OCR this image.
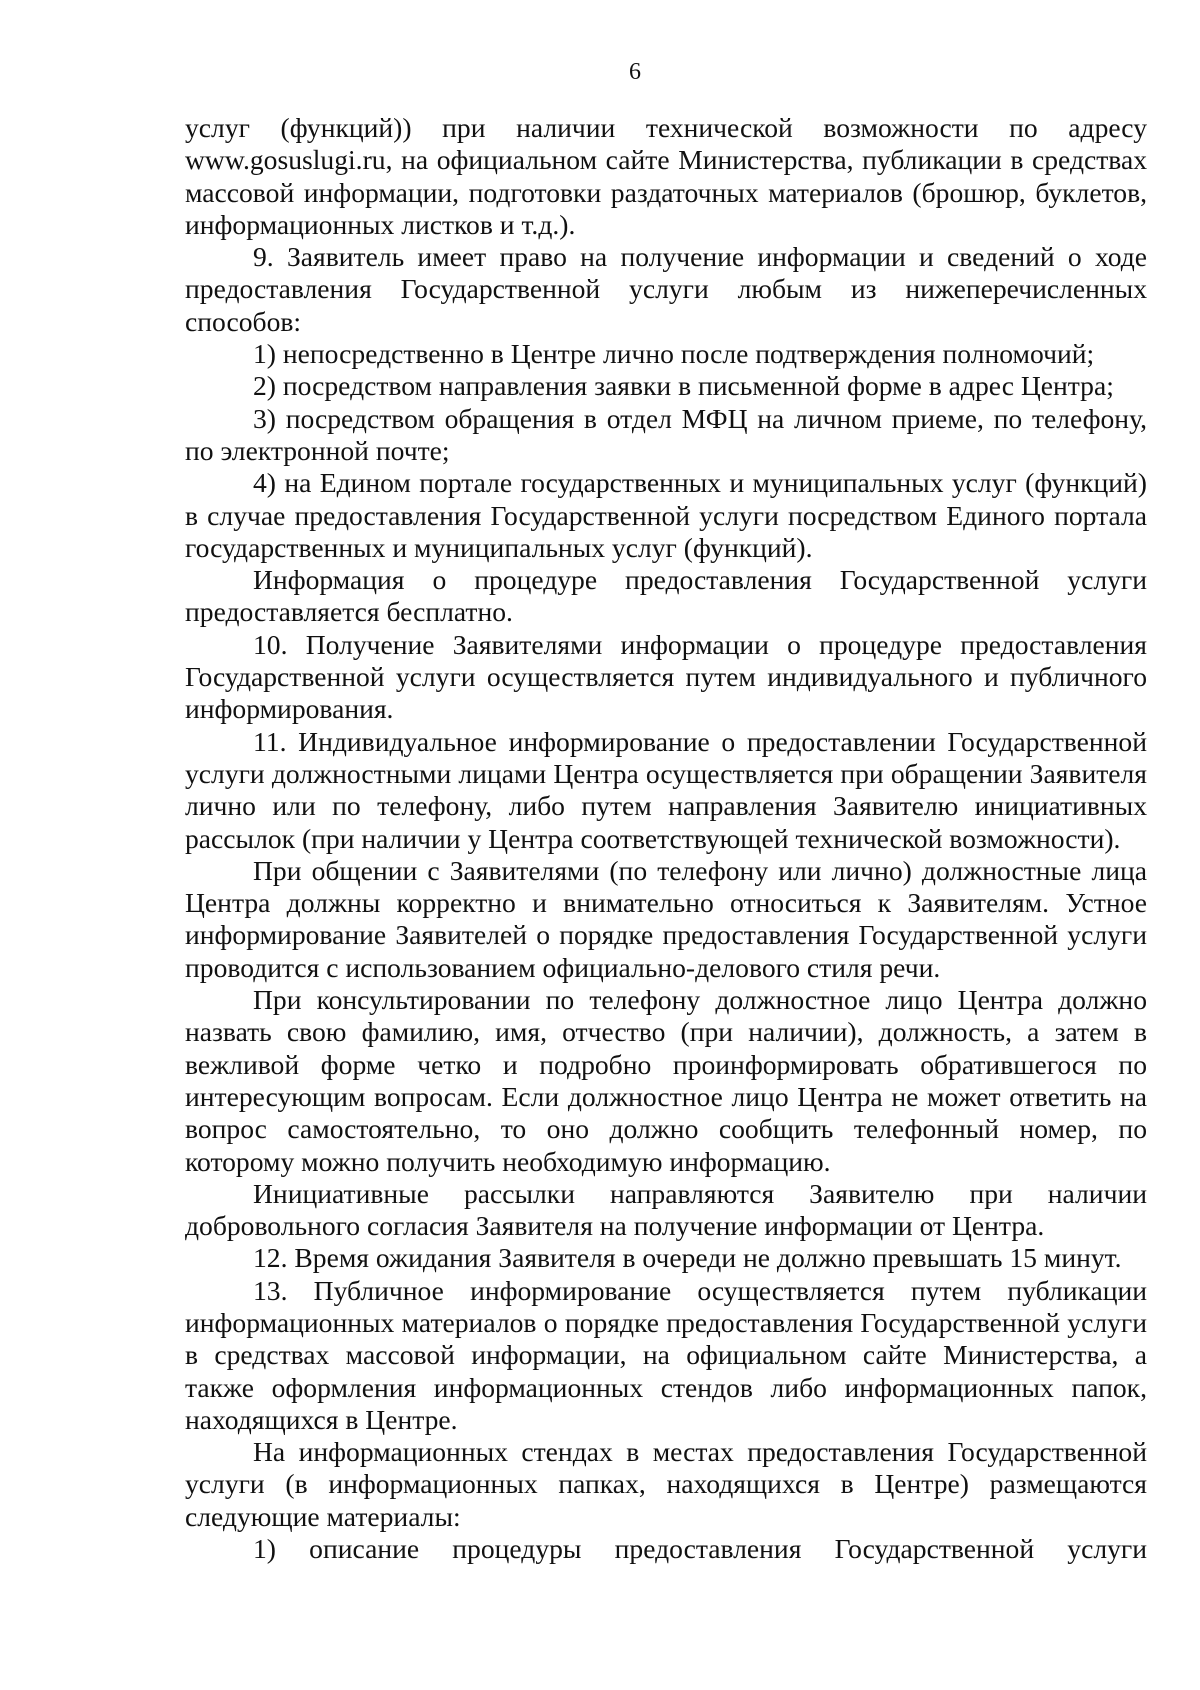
6

услуг (функций)) при наличии технической возможности по адресу www.gosuslugi.ru, на официальном сайте Министерства, публикации в средствах массовой информации, подготовки раздаточных материалов (брошюр, буклетов, информационных листков и т.д.).

9. Заявитель имеет право на получение информации и сведений о ходе предоставления Государственной услуги любым из нижеперечисленных способов:

1) непосредственно в Центре лично после подтверждения полномочий;

2) посредством направления заявки в письменной форме в адрес Центра;

3) посредством обращения в отдел МФЦ на личном приеме, по телефону, по электронной почте;

4) на Едином портале государственных и муниципальных услуг (функций) в случае предоставления Государственной услуги посредством Единого портала государственных и муниципальных услуг (функций).

Информация о процедуре предоставления Государственной услуги предоставляется бесплатно.

10. Получение Заявителями информации о процедуре предоставления Государственной услуги осуществляется путем индивидуального и публичного информирования.

11. Индивидуальное информирование о предоставлении Государственной услуги должностными лицами Центра осуществляется при обращении Заявителя лично или по телефону, либо путем направления Заявителю инициативных рассылок (при наличии у Центра соответствующей технической возможности).

При общении с Заявителями (по телефону или лично) должностные лица Центра должны корректно и внимательно относиться к Заявителям. Устное информирование Заявителей о порядке предоставления Государственной услуги проводится с использованием официально-делового стиля речи.

При консультировании по телефону должностное лицо Центра должно назвать свою фамилию, имя, отчество (при наличии), должность, а затем в вежливой форме четко и подробно проинформировать обратившегося по интересующим вопросам. Если должностное лицо Центра не может ответить на вопрос самостоятельно, то оно должно сообщить телефонный номер, по которому можно получить необходимую информацию.

Инициативные рассылки направляются Заявителю при наличии добровольного согласия Заявителя на получение информации от Центра.

12. Время ожидания Заявителя в очереди не должно превышать 15 минут.

13. Публичное информирование осуществляется путем публикации информационных материалов о порядке предоставления Государственной услуги в средствах массовой информации, на официальном сайте Министерства, а также оформления информационных стендов либо информационных папок, находящихся в Центре.

На информационных стендах в местах предоставления Государственной услуги (в информационных папках, находящихся в Центре) размещаются следующие материалы:

1) описание процедуры предоставления Государственной услуги
